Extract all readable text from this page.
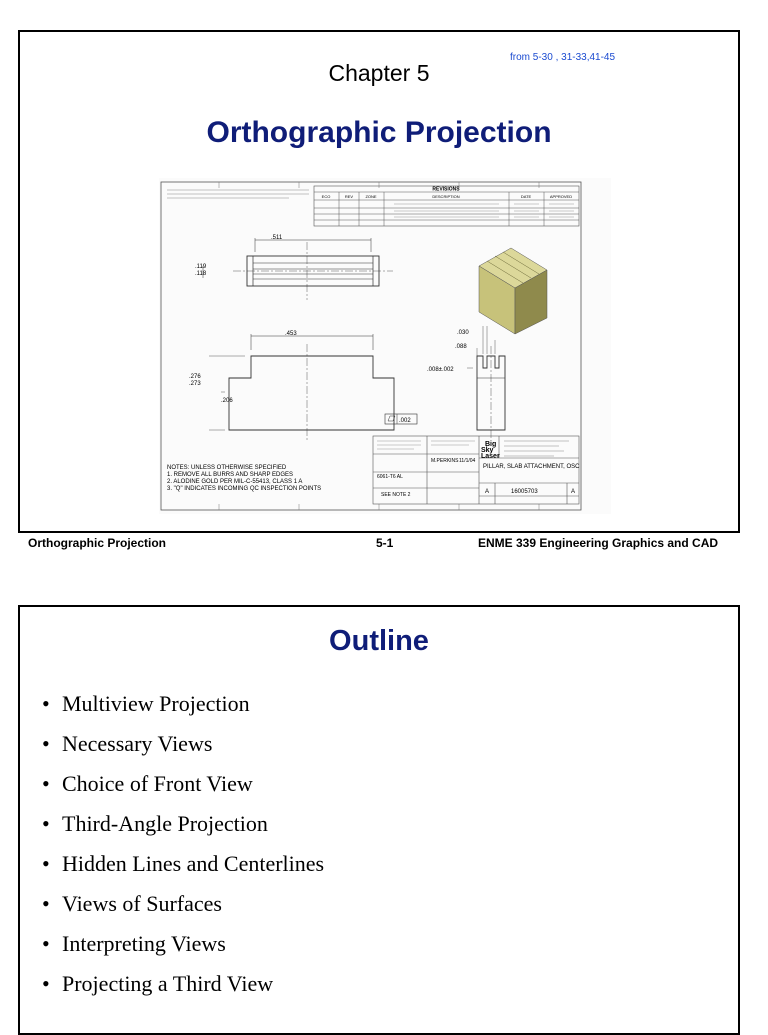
Chapter 5
from 5-30 , 31-33,41-45
Orthographic Projection
REVISIONS
ECO	REV	ZONE	DESCRIPTION	DATE	APPROVED
.511
.119
.118
.453
.276
.273
.206
.002
.030
.088
.008±.002
NOTES: UNLESS OTHERWISE SPECIFIED
1. REMOVE ALL BURRS AND SHARP EDGES
2. ALODINE GOLD PER MIL-C-55413, CLASS 1 A
3. "Q" INDICATES INCOMING QC INSPECTION POINTS
Big
Sky
Laser
PILLAR, SLAB ATTACHMENT, OSC
16005703
A	A
6061-T6 AL
M.PERKINS 11/1/04
SEE NOTE 2
Orthographic Projection	5-1	ENME 339 Engineering Graphics and CAD
Outline
• Multiview Projection
• Necessary Views
• Choice of Front View
• Third-Angle Projection
• Hidden Lines and Centerlines
• Views of Surfaces
• Interpreting Views
• Projecting a Third View
